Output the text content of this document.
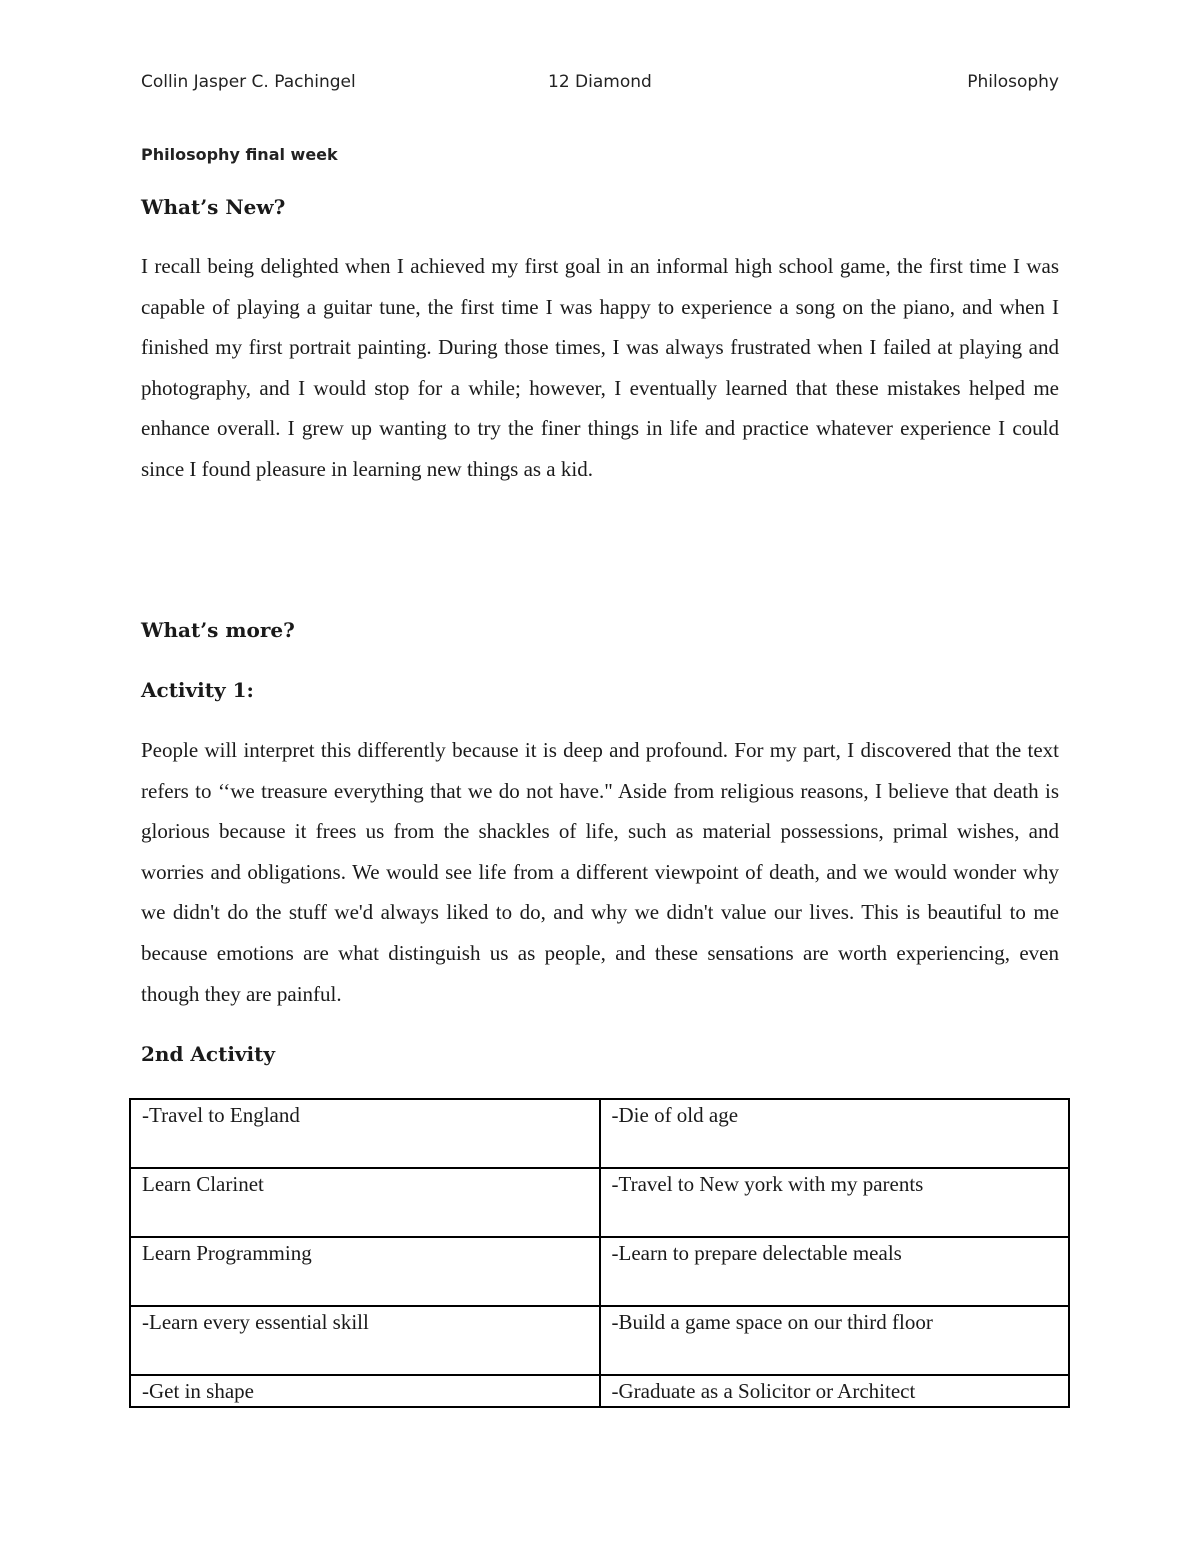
Collin Jasper C. Pachingel	12 Diamond	Philosophy
Philosophy final week
What’s New?
I recall being delighted when I achieved my first goal in an informal high school game, the first time I was capable of playing a guitar tune, the first time I was happy to experience a song on the piano, and when I finished my first portrait painting. During those times, I was always frustrated when I failed at playing and photography, and I would stop for a while; however, I eventually learned that these mistakes helped me enhance overall. I grew up wanting to try the finer things in life and practice whatever experience I could since I found pleasure in learning new things as a kid.
What’s more?
Activity 1:
People will interpret this differently because it is deep and profound. For my part, I discovered that the text refers to ‘‘we treasure everything that we do not have." Aside from religious reasons, I believe that death is glorious because it frees us from the shackles of life, such as material possessions, primal wishes, and worries and obligations. We would see life from a different viewpoint of death, and we would wonder why we didn't do the stuff we'd always liked to do, and why we didn't value our lives. This is beautiful to me because emotions are what distinguish us as people, and these sensations are worth experiencing, even though they are painful.
2nd Activity
-Travel to England	-Die of old age
Learn Clarinet	-Travel to New york with my parents
Learn Programming	-Learn to prepare delectable meals
-Learn every essential skill	-Build a game space on our third floor
-Get in shape	-Graduate as a Solicitor or Architect
